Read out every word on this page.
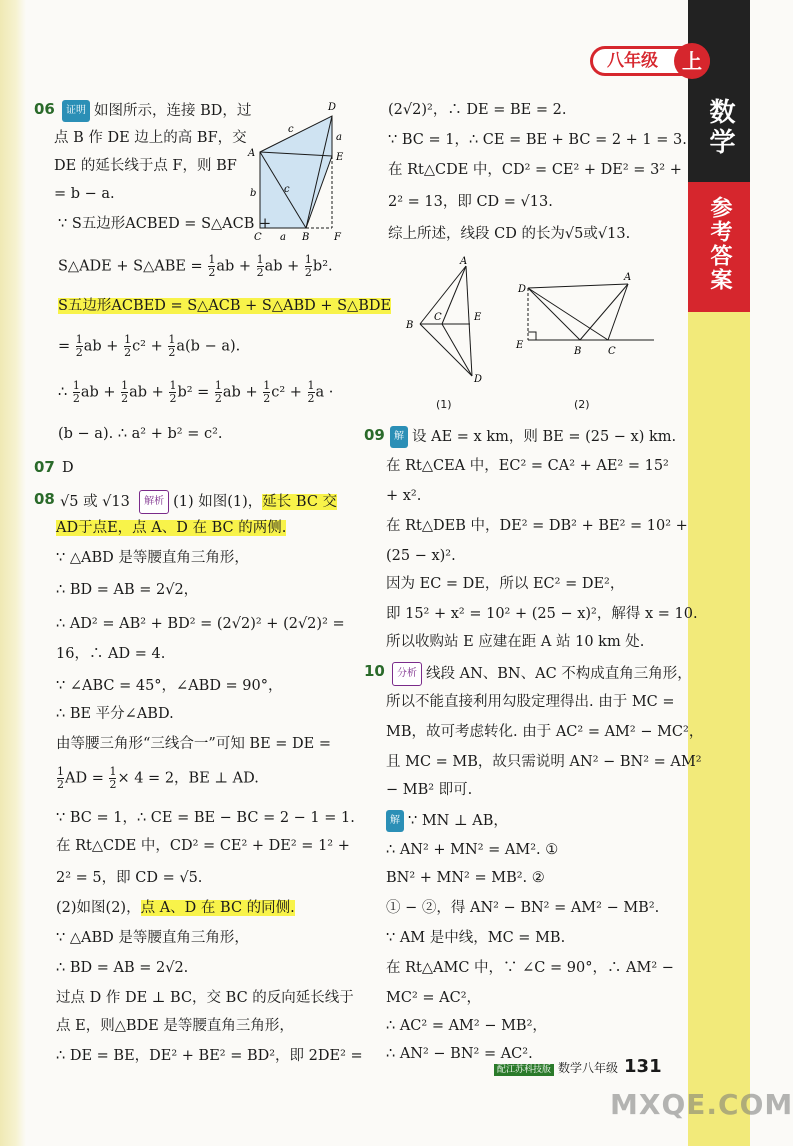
数学
参考答案
八年级	上
06	证明 如图所示，连接 BD，过
点 B 作 DE 边上的高 BF，交
DE 的延长线于点 F，则 BF
= b − a.
D
A
c
a
E
b	c
C a B F
∵ S五边形ACBED = S△ACB +
S△ADE + S△ABE = $\frac{1}{2}$ ab + $\frac{1}{2}$ ab + $\frac{1}{2} b^2$.
S五边形ACBED = S△ACB + S△ABD + S△BDE
= $\frac{1}{2}$ ab + $\frac{1}{2} c^2 + \frac{1}{2} a(b - a)$.
∴ $\frac{1}{2}$ ab + $\frac{1}{2}$ ab + $\frac{1}{2} b^2 = \frac{1}{2}$ ab + $\frac{1}{2} c^2 + \frac{1}{2}$ a ·
(b − a). ∴ a² + b² = c².
07 D
08 √5 或 √13 解析 (1) 如图(1)，延长 BC 交
AD于点E，点 A、D 在 BC 的两侧.
∵ △ABD 是等腰直角三角形，
∴ BD = AB = 2√2，
∴ AD² = AB² + BD² = (2√2)² + (2√2)² =
16，∴ AD = 4.
∵ ∠ABC = 45°，∠ABD = 90°，
∴ BE 平分∠ABD.
由等腰三角形“三线合一”可知 BE = DE =
$\frac{1}{2}$ AD = $\frac{1}{2} \times 4 = 2$，BE ⊥ AD.
∵ BC = 1，∴ CE = BE − BC = 2 − 1 = 1.
在 Rt△CDE 中，CD² = CE² + DE² = 1² +
2² = 5，即 CD = √5.
(2)如图(2)，点 A、D 在 BC 的同侧.
∵ △ABD 是等腰直角三角形，
∴ BD = AB = 2√2.
过点 D 作 DE ⊥ BC，交 BC 的反向延长线于
点 E，则△BDE 是等腰直角三角形，
∴ DE = BE，DE² + BE² = BD²，即 2DE² =
(2√2)²，∴ DE = BE = 2.
∵ BC = 1，∴ CE = BE + BC = 2 + 1 = 3.
在 Rt△CDE 中，CD² = CE² + DE² = 3² +
2² = 13，即 CD = √13.
综上所述，线段 CD 的长为√5或√13.
A
B
C	E
D
(1)
D
A
E
B	C
(2)
09 解 设 AE = x km，则 BE = (25 − x) km.
在 Rt△CEA 中，EC² = CA² + AE² = 15²
+ x².
在 Rt△DEB 中，DE² = DB² + BE² = 10² +
(25 − x)².
因为 EC = DE，所以 EC² = DE²，
即 15² + x² = 10² + (25 − x)²，解得 x = 10.
所以收购站 E 应建在距 A 站 10 km 处.
10	分析 线段 AN、BN、AC 不构成直角三角形，
所以不能直接利用勾股定理得出. 由于 MC =
MB，故可考虑转化. 由于 AC² = AM² − MC²，
且 MC = MB，故只需说明 AN² − BN² = AM²
− MB² 即可.
解 ∵ MN ⊥ AB，
∴ AN² + MN² = AM². ①
BN² + MN² = MB². ②
① − ②，得 AN² − BN² = AM² − MB².
∵ AM 是中线，MC = MB.
在 Rt△AMC 中，∵ ∠C = 90°，∴ AM² −
MC² = AC²，
∴ AC² = AM² − MB²，
∴ AN² − BN² = AC².
配江苏科技版 数学八年级 131
MXQE.COM
